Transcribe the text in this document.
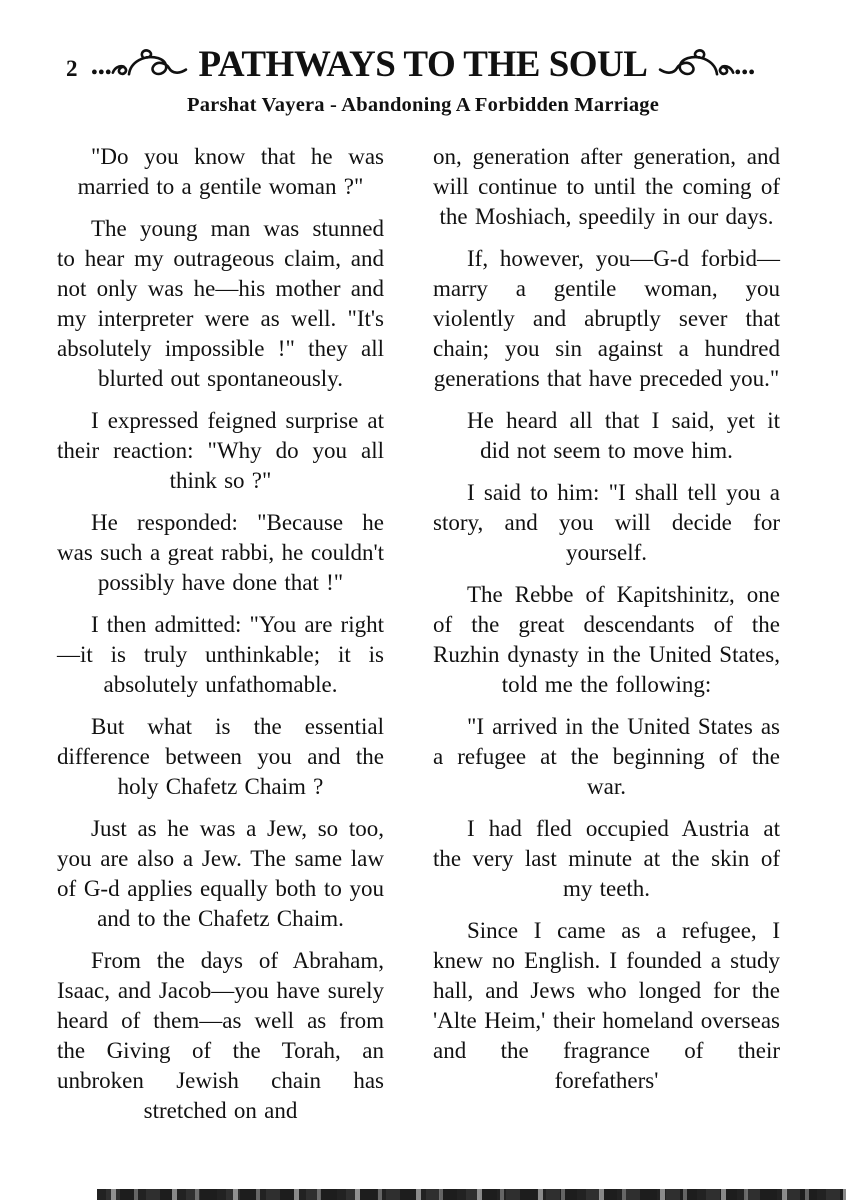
2	PATHWAYS TO THE SOUL
Parshat Vayera - Abandoning A Forbidden Marriage

"Do you know that he was married to a gentile woman ?"

The young man was stunned to hear my outrageous claim, and not only was he—his mother and my interpreter were as well. "It's absolutely impossible !" they all blurted out spontaneously.

I expressed feigned surprise at their reaction: "Why do you all think so ?"

He responded: "Because he was such a great rabbi, he couldn't possibly have done that !"

I then admitted: "You are right—it is truly unthinkable; it is absolutely unfathomable.

But what is the essential difference between you and the holy Chafetz Chaim ?

Just as he was a Jew, so too, you are also a Jew. The same law of G-d applies equally both to you and to the Chafetz Chaim.

From the days of Abraham, Isaac, and Jacob—you have surely heard of them—as well as from the Giving of the Torah, an unbroken Jewish chain has stretched on and

on, generation after generation, and will continue to until the coming of the Moshiach, speedily in our days.

If, however, you—G-d forbid—marry a gentile woman, you violently and abruptly sever that chain; you sin against a hundred generations that have preceded you."

He heard all that I said, yet it did not seem to move him.

I said to him: "I shall tell you a story, and you will decide for yourself.

The Rebbe of Kapitshinitz, one of the great descendants of the Ruzhin dynasty in the United States, told me the following:

"I arrived in the United States as a refugee at the beginning of the war.

I had fled occupied Austria at the very last minute at the skin of my teeth.

Since I came as a refugee, I knew no English. I founded a study hall, and Jews who longed for the 'Alte Heim,' their homeland overseas and the fragrance of their forefathers'
